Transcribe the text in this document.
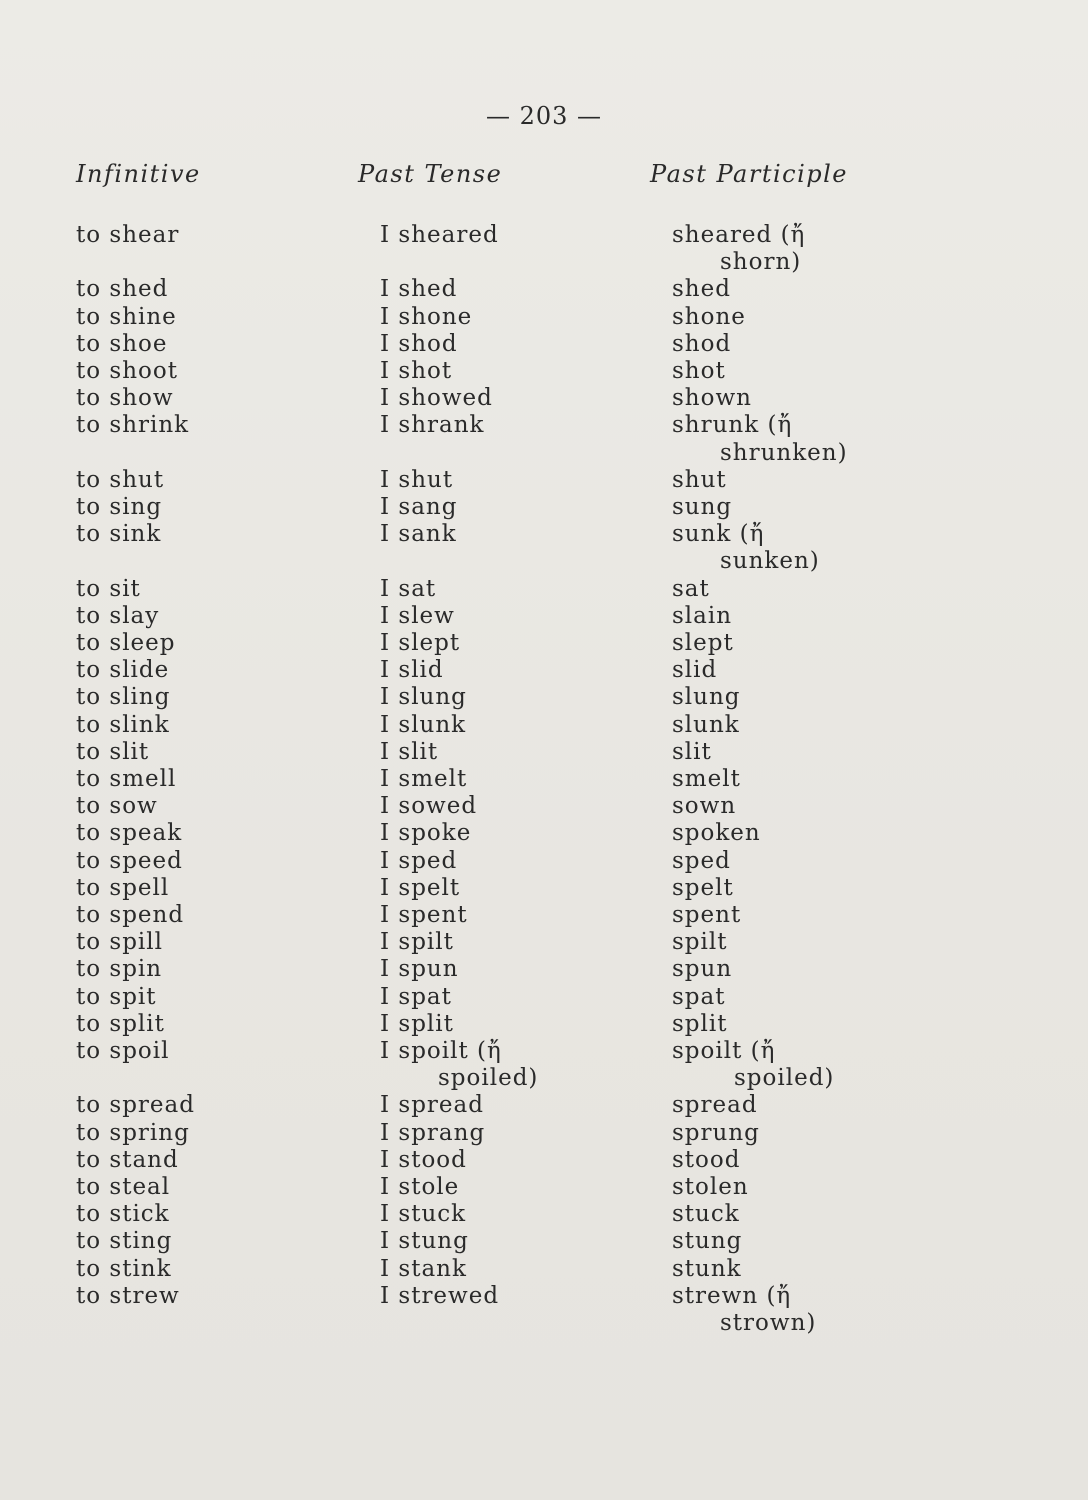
— 203 —
Infinitive	Past Tense	Past Participle
to shear	I sheared	sheared (ἤ
shorn)
to shed	I shed	shed
to shine	I shone	shone
to shoe	I shod	shod
to shoot	I shot	shot
to show	I showed	shown
to shrink	I shrank	shrunk (ἤ
shrunken)
to shut	I shut	shut
to sing	I sang	sung
to sink	I sank	sunk (ἤ
sunken)
to sit	I sat	sat
to slay	I slew	slain
to sleep	I slept	slept
to slide	I slid	slid
to sling	I slung	slung
to slink	I slunk	slunk
to slit	I slit	slit
to smell	I smelt	smelt
to sow	I sowed	sown
to speak	I spoke	spoken
to speed	I sped	sped
to spell	I spelt	spelt
to spend	I spent	spent
to spill	I spilt	spilt
to spin	I spun	spun
to spit	I spat	spat
to split	I split	split
to spoil	I spoilt (ἤ	spoilt (ἤ
spoiled)	spoiled)
to spread	I spread	spread
to spring	I sprang	sprung
to stand	I stood	stood
to steal	I stole	stolen
to stick	I stuck	stuck
to sting	I stung	stung
to stink	I stank	stunk
to strew	I strewed	strewn (ἤ
strown)
